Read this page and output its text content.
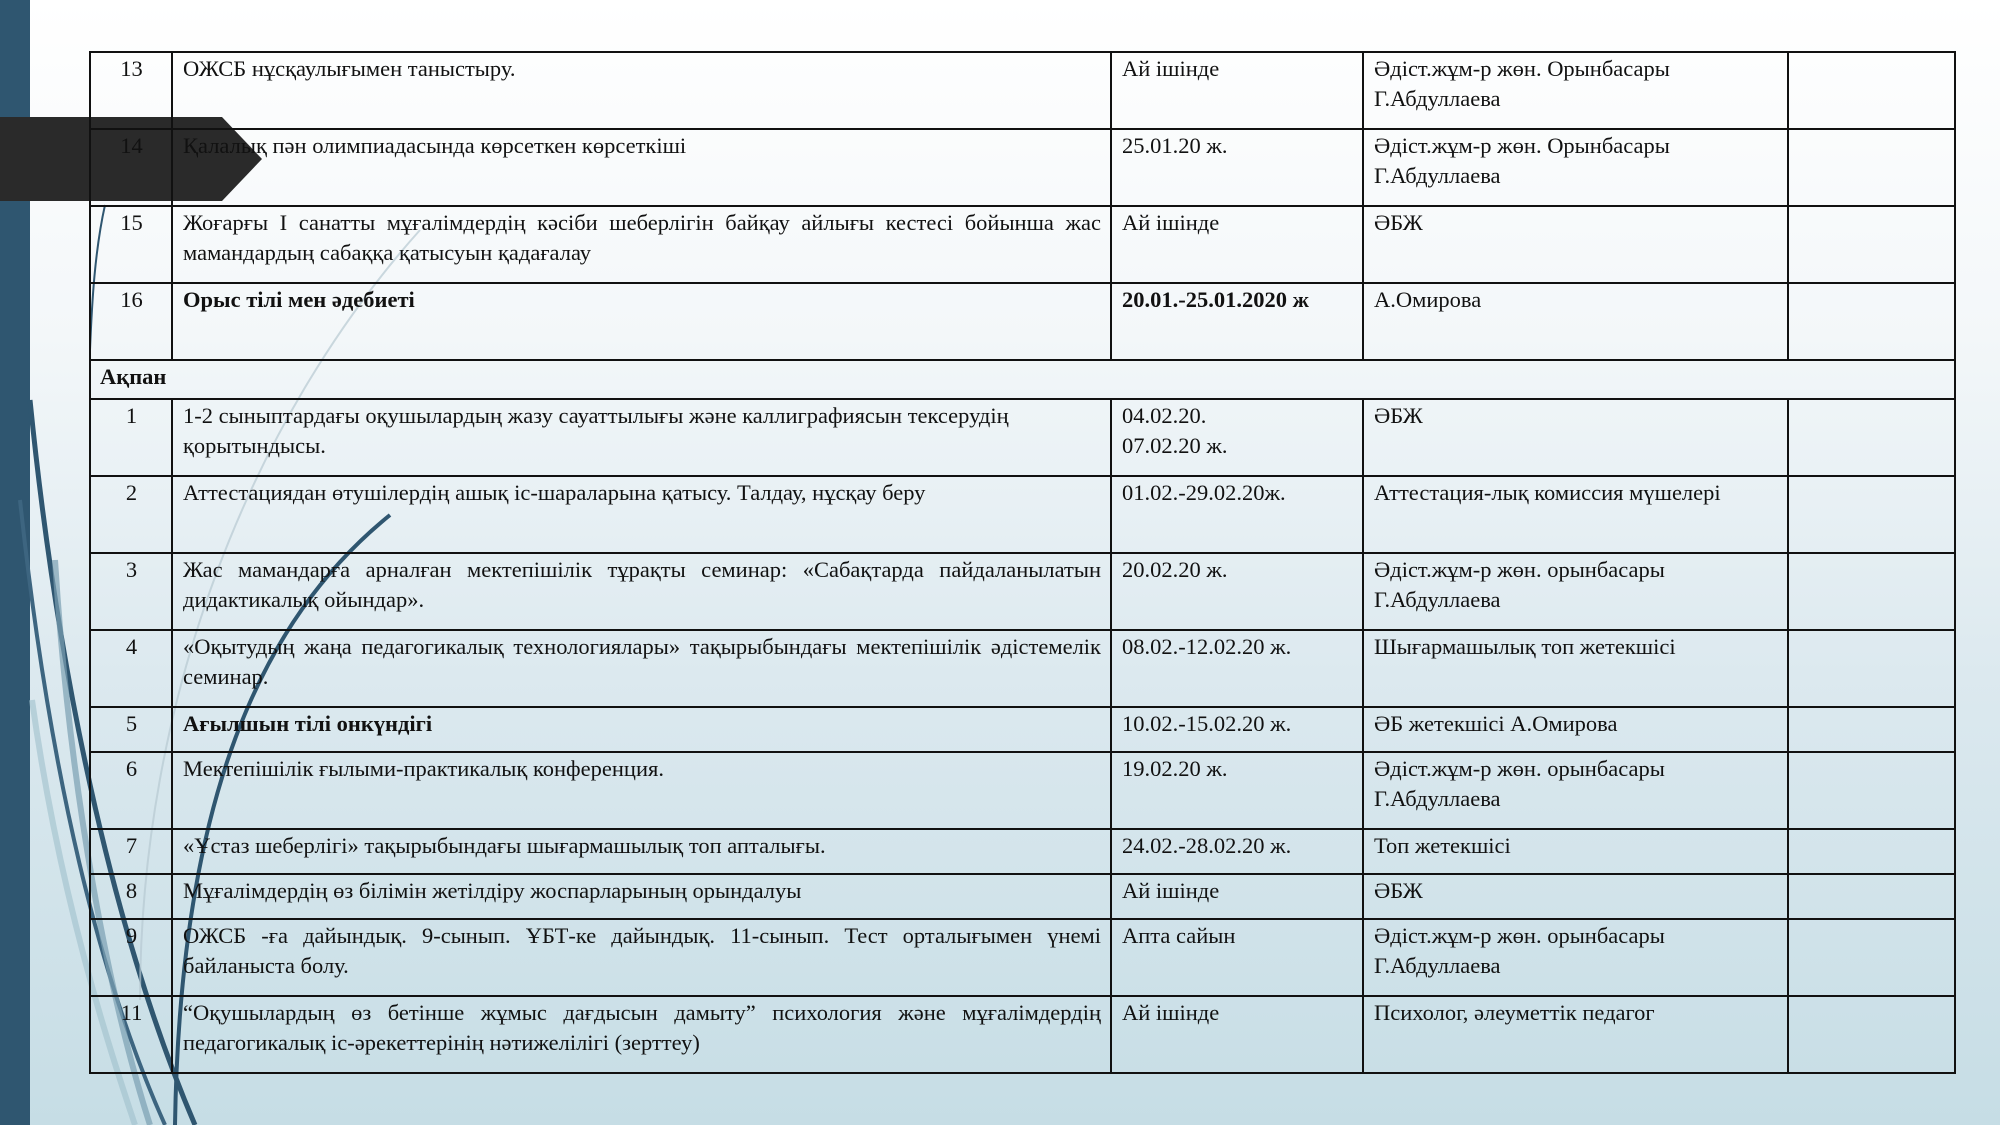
13	ОЖСБ нұсқаулығымен таныстыру.	Ай ішінде	Әдіст.жұм-р жөн. Орынбасары
Г.Абдуллаева	

14	Қалалық пән олимпиадасында көрсеткен көрсеткіші	25.01.20 ж.	Әдіст.жұм-р жөн. Орынбасары
Г.Абдуллаева	

15	Жоғарғы I санатты мұғалімдердің кәсіби шеберлігін байқау айлығы кестесі бойынша жас мамандардың сабаққа қатысуын қадағалау	Ай ішінде	ӘБЖ	
16	Орыс тілі мен әдебиеті	20.01.-25.01.2020 ж	А.Омирова	
Ақпан				
1	1-2 сыныптардағы оқушылардың жазу сауаттылығы және каллиграфиясын тексерудің қорытындысы.	04.02.20.
07.02.20 ж.	ӘБЖ	
2	Аттестациядан өтушілердің ашық іс-шараларына қатысу. Талдау, нұсқау беру	01.02.-29.02.20ж.	Аттестация-лық комиссия мүшелері	
3	Жас мамандарға арналған мектепішілік тұрақты семинар: «Сабақтарда пайдаланылатын дидактикалық ойындар».	20.02.20 ж.	Әдіст.жұм-р жөн. орынбасары
Г.Абдуллаева	

4	«Оқытудың жаңа педагогикалық технологиялары» тақырыбындағы мектепішілік әдістемелік семинар.	08.02.-12.02.20 ж.	Шығармашылық топ жетекшісі	
5	Ағылшын тілі онкүндігі	10.02.-15.02.20 ж.	ӘБ жетекшісі А.Омирова	
6	Мектепішілік ғылыми-практикалық конференция.	19.02.20 ж.	Әдіст.жұм-р жөн. орынбасары
Г.Абдуллаева	

7	«Ұстаз шеберлігі» тақырыбындағы шығармашылық топ апталығы.	24.02.-28.02.20 ж.	Топ жетекшісі	
8	Мұғалімдердің өз білімін жетілдіру жоспарларының орындалуы	Ай ішінде	ӘБЖ	
9	ОЖСБ -ға дайындық. 9-сынып. ҰБТ-ке дайындық. 11-сынып. Тест орталығымен үнемі байланыста болу.	Апта сайын	Әдіст.жұм-р жөн. орынбасары
Г.Абдуллаева	

11	“Оқушылардың өз бетінше жұмыс дағдысын дамыту” психология және мұғалімдердің педагогикалық іс-әрекеттерінің нәтижелілігі (зерттеу)	Ай ішінде	Психолог, әлеуметтік педагог	
